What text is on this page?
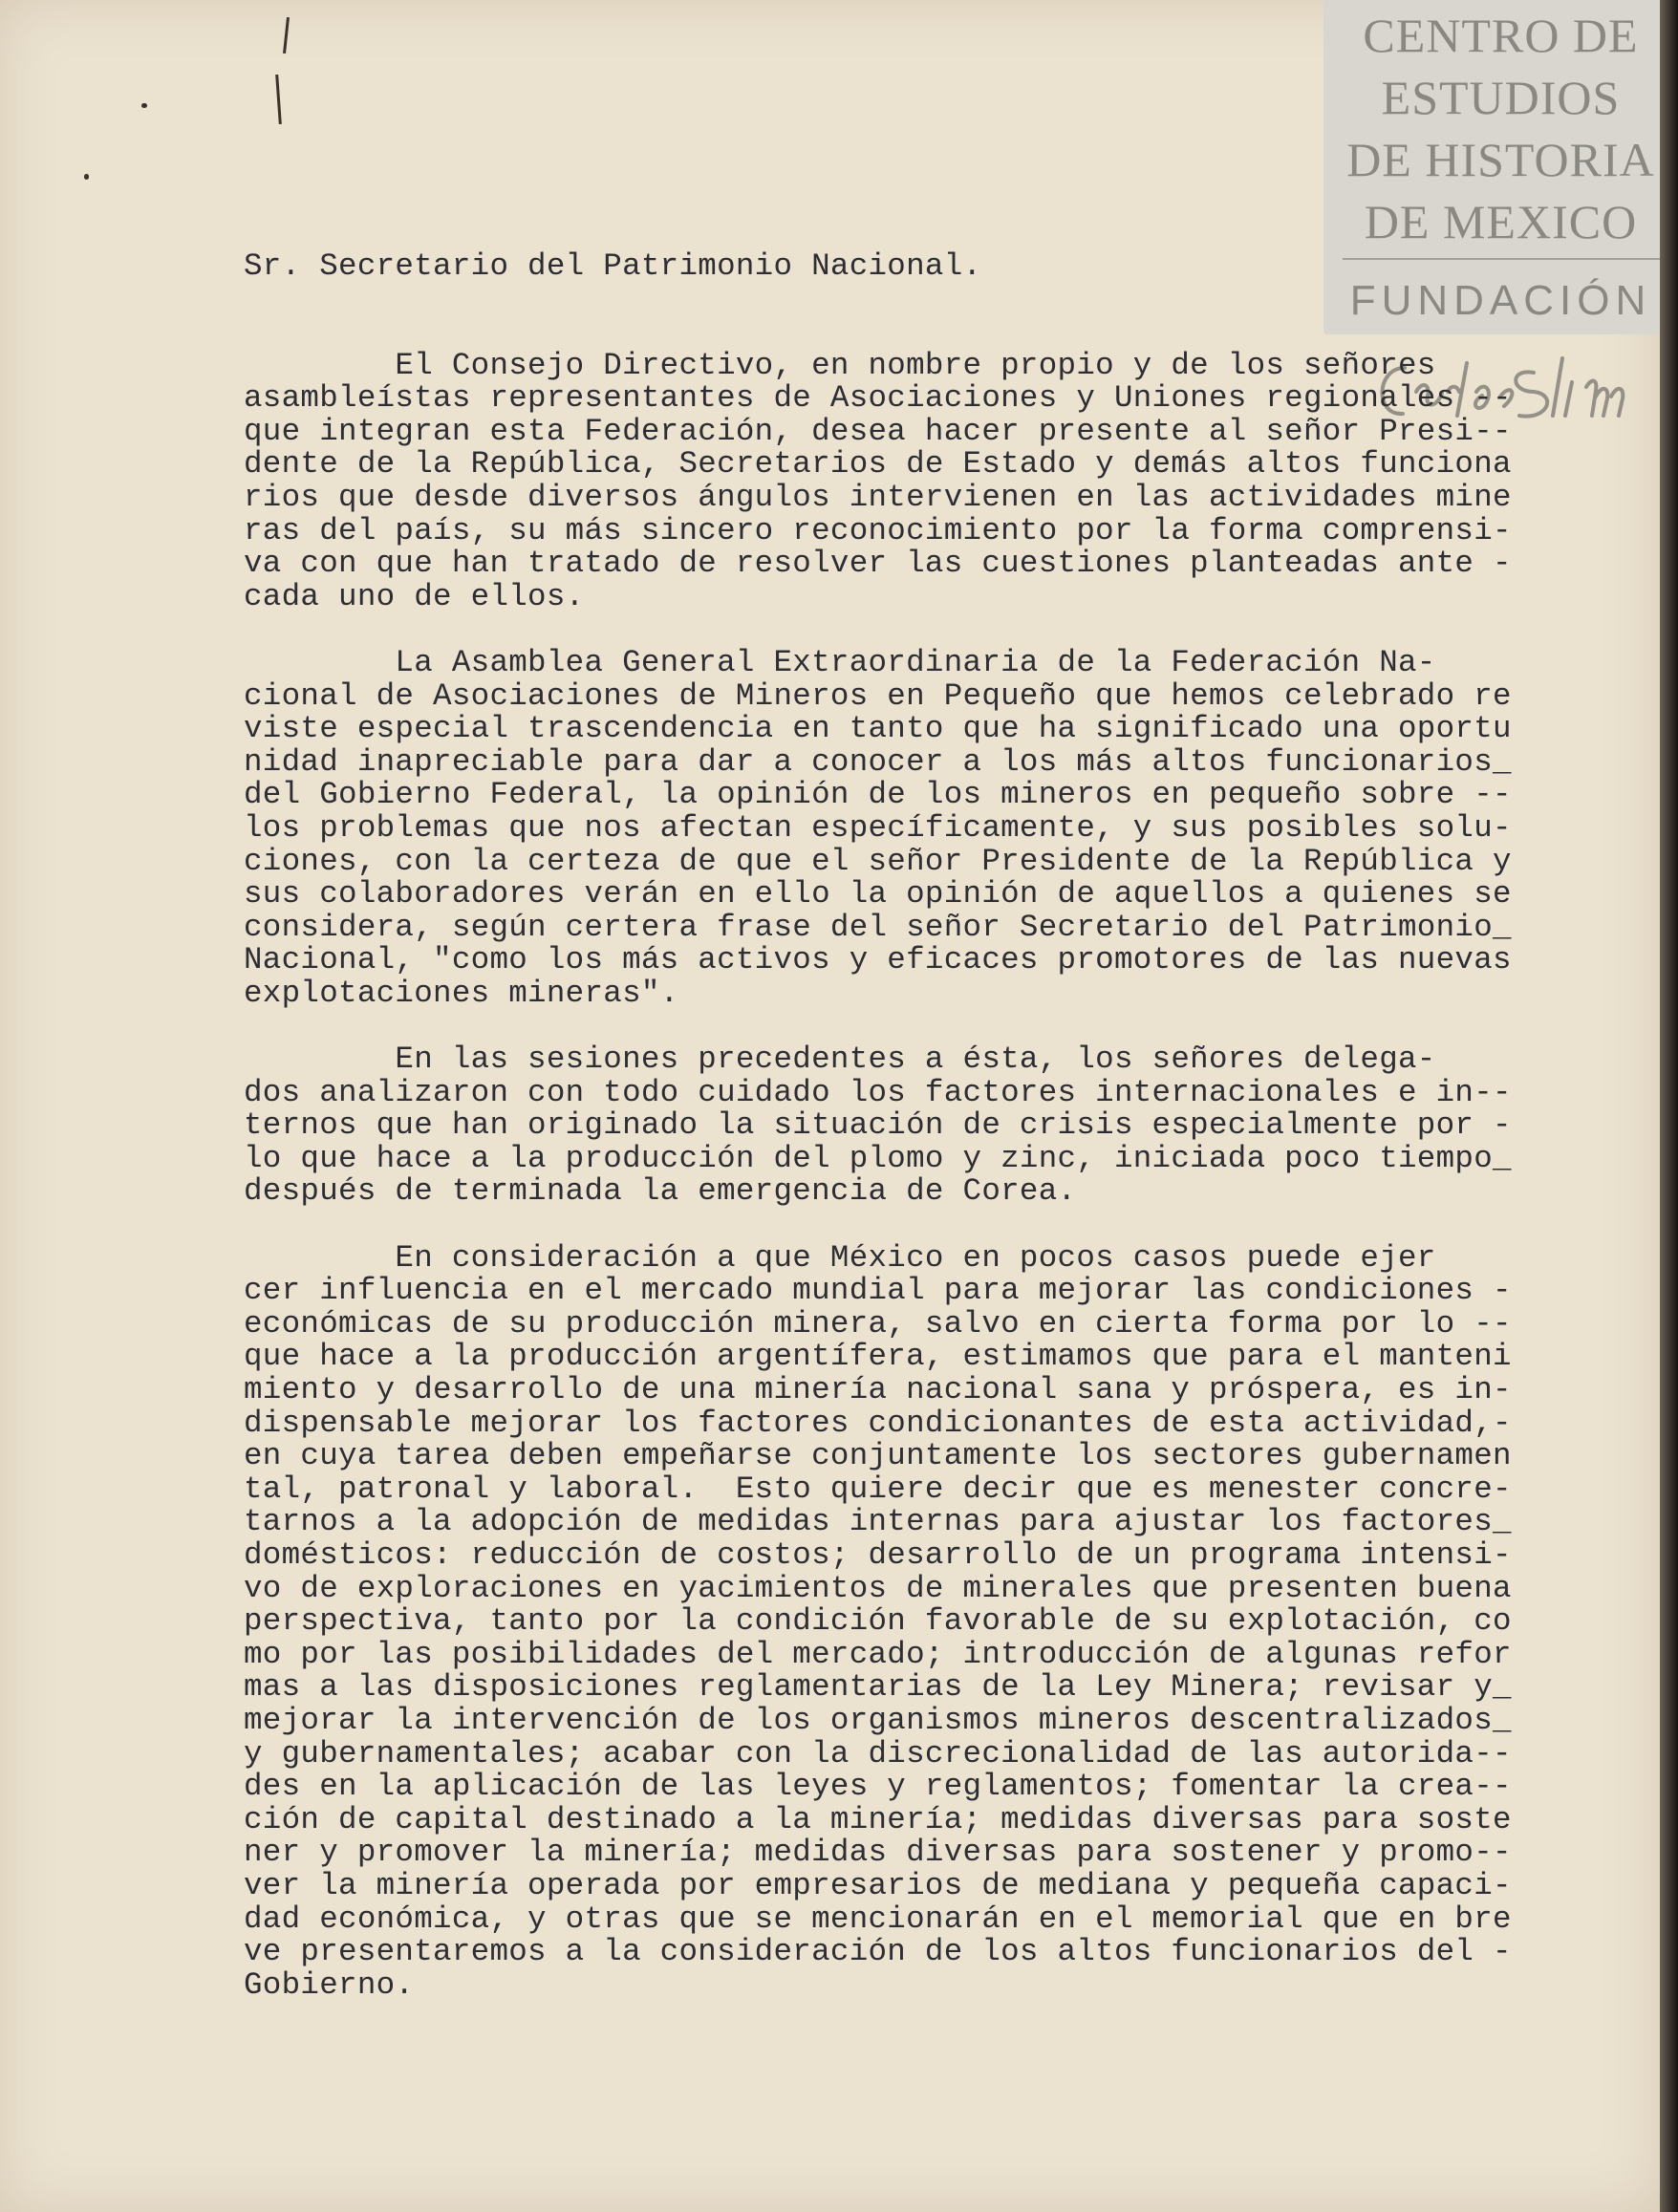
CENTRO DE
ESTUDIOS
DE HISTORIA
DE MEXICO
FUNDACIÓN
Sr. Secretario del Patrimonio Nacional.
El Consejo Directivo, en nombre propio y de los señores
asambleístas representantes de Asociaciones y Uniones regionales --
que integran esta Federación, desea hacer presente al señor Presi--
dente de la República, Secretarios de Estado y demás altos funciona
rios que desde diversos ángulos intervienen en las actividades mine
ras del país, su más sincero reconocimiento por la forma comprensi-
va con que han tratado de resolver las cuestiones planteadas ante -
cada uno de ellos.
La Asamblea General Extraordinaria de la Federación Na-
cional de Asociaciones de Mineros en Pequeño que hemos celebrado re
viste especial trascendencia en tanto que ha significado una oportu
nidad inapreciable para dar a conocer a los más altos funcionarios_
del Gobierno Federal, la opinión de los mineros en pequeño sobre --
los problemas que nos afectan específicamente, y sus posibles solu-
ciones, con la certeza de que el señor Presidente de la República y
sus colaboradores verán en ello la opinión de aquellos a quienes se
considera, según certera frase del señor Secretario del Patrimonio_
Nacional, "como los más activos y eficaces promotores de las nuevas
explotaciones mineras".
En las sesiones precedentes a ésta, los señores delega-
dos analizaron con todo cuidado los factores internacionales e in--
ternos que han originado la situación de crisis especialmente por -
lo que hace a la producción del plomo y zinc, iniciada poco tiempo_
después de terminada la emergencia de Corea.
En consideración a que México en pocos casos puede ejer
cer influencia en el mercado mundial para mejorar las condiciones -
económicas de su producción minera, salvo en cierta forma por lo --
que hace a la producción argentífera, estimamos que para el manteni
miento y desarrollo de una minería nacional sana y próspera, es in-
dispensable mejorar los factores condicionantes de esta actividad,-
en cuya tarea deben empeñarse conjuntamente los sectores gubernamen
tal, patronal y laboral.  Esto quiere decir que es menester concre-
tarnos a la adopción de medidas internas para ajustar los factores_
domésticos: reducción de costos; desarrollo de un programa intensi-
vo de exploraciones en yacimientos de minerales que presenten buena
perspectiva, tanto por la condición favorable de su explotación, co
mo por las posibilidades del mercado; introducción de algunas refor
mas a las disposiciones reglamentarias de la Ley Minera; revisar y_
mejorar la intervención de los organismos mineros descentralizados_
y gubernamentales; acabar con la discrecionalidad de las autorida--
des en la aplicación de las leyes y reglamentos; fomentar la crea--
ción de capital destinado a la minería; medidas diversas para soste
ner y promover la minería; medidas diversas para sostener y promo--
ver la minería operada por empresarios de mediana y pequeña capaci-
dad económica, y otras que se mencionarán en el memorial que en bre
ve presentaremos a la consideración de los altos funcionarios del -
Gobierno.
